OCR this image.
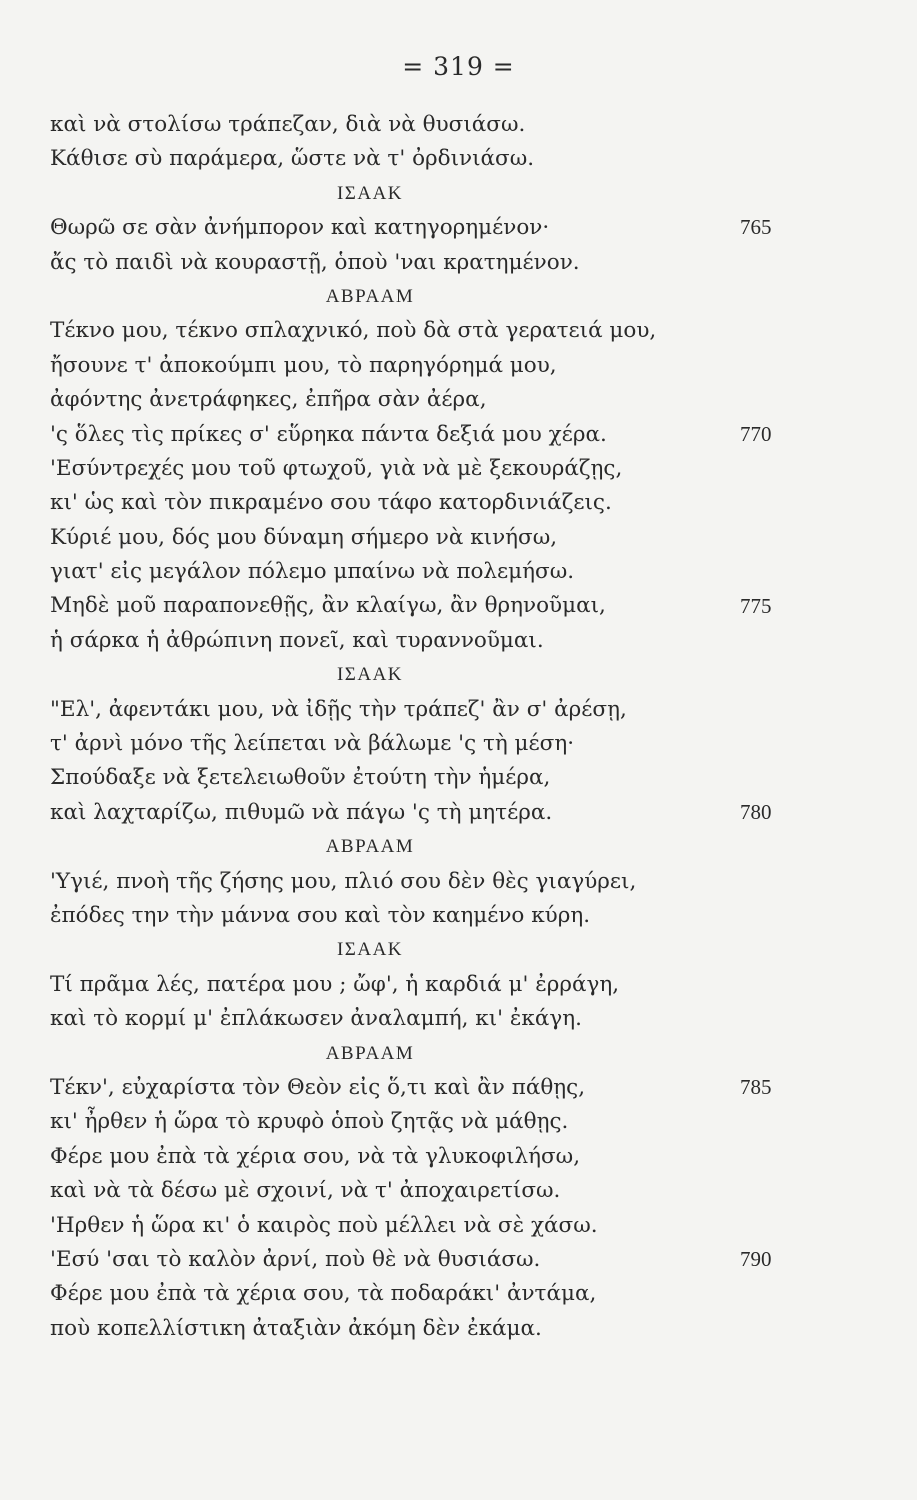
= 319 =
καὶ νὰ στολίσω τράπεζαν, διὰ νὰ θυσιάσω.
Κάθισε σὺ παράμερα, ὥστε νὰ τ' ὀρδινιάσω.
ΙΣΑΑΚ
Θωρῶ σε σὰν ἀνήμπορον καὶ κατηγορημένον·
ἄς τὸ παιδὶ νὰ κουραστῇ, ὁποὺ 'ναι κρατημένον.
ΑΒΡΑΑΜ
Τέκνο μου, τέκνο σπλαχνικό, ποὺ δὰ στὰ γερατειά μου,
ἤσουνε τ' ἀποκούμπι μου, τὸ παρηγόρημά μου,
ἀφόντης ἀνετράφηκες, ἐπῆρα σὰν ἀέρα,
'ς ὅλες τὶς πρίκες σ' εὕρηκα πάντα δεξιά μου χέρα.
'Εσύντρεχές μου τοῦ φτωχοῦ, γιὰ νὰ μὲ ξεκουράζῃς,
κι' ὡς καὶ τὸν πικραμένο σου τάφο κατορδινιάζεις.
Κύριέ μου, δός μου δύναμη σήμερο νὰ κινήσω,
γιατ' εἰς μεγάλον πόλεμο μπαίνω νὰ πολεμήσω.
Μηδὲ μοῦ παραπονεθῇς, ἂν κλαίγω, ἂν θρηνοῦμαι,
ἡ σάρκα ἡ ἀθρώπινη πονεῖ, καὶ τυραννοῦμαι.
ΙΣΑΑΚ
"Ελ', ἀφεντάκι μου, νὰ ἰδῇς τὴν τράπεζ' ἂν σ' ἀρέσῃ,
τ' ἀρνὶ μόνο τῆς λείπεται νὰ βάλωμε 'ς τὴ μέση·
Σπούδαξε νὰ ξετελειωθοῦν ἐτούτη τὴν ἡμέρα,
καὶ λαχταρίζω, πιθυμῶ νὰ πάγω 'ς τὴ μητέρα.
ΑΒΡΑΑΜ
'Υγιέ, πνοὴ τῆς ζήσης μου, πλιό σου δὲν θὲς γιαγύρει,
ἐπόδες την τὴν μάννα σου καὶ τὸν καημένο κύρη.
ΙΣΑΑΚ
Τί πρᾶμα λές, πατέρα μου ; ὤφ', ἡ καρδιά μ' ἐρράγη,
καὶ τὸ κορμί μ' ἐπλάκωσεν ἀναλαμπή, κι' ἐκάγη.
ΑΒΡΑΑΜ
Τέκν', εὐχαρίστα τὸν Θεὸν εἰς ὅ,τι καὶ ἂν πάθῃς,
κι' ἦρθεν ἡ ὥρα τὸ κρυφὸ ὁποὺ ζητᾷς νὰ μάθῃς.
Φέρε μου ἐπὰ τὰ χέρια σου, νὰ τὰ γλυκοφιλήσω,
καὶ νὰ τὰ δέσω μὲ σχοινί, νὰ τ' ἀποχαιρετίσω.
'Ηρθεν ἡ ὥρα κι' ὁ καιρὸς ποὺ μέλλει νὰ σὲ χάσω.
'Εσύ 'σαι τὸ καλὸν ἀρνί, ποὺ θὲ νὰ θυσιάσω.
Φέρε μου ἐπὰ τὰ χέρια σου, τὰ ποδαράκι' ἀντάμα,
ποὺ κοπελλίστικη ἀταξιὰν ἀκόμη δὲν ἐκάμα.
765
770
775
780
785
790
